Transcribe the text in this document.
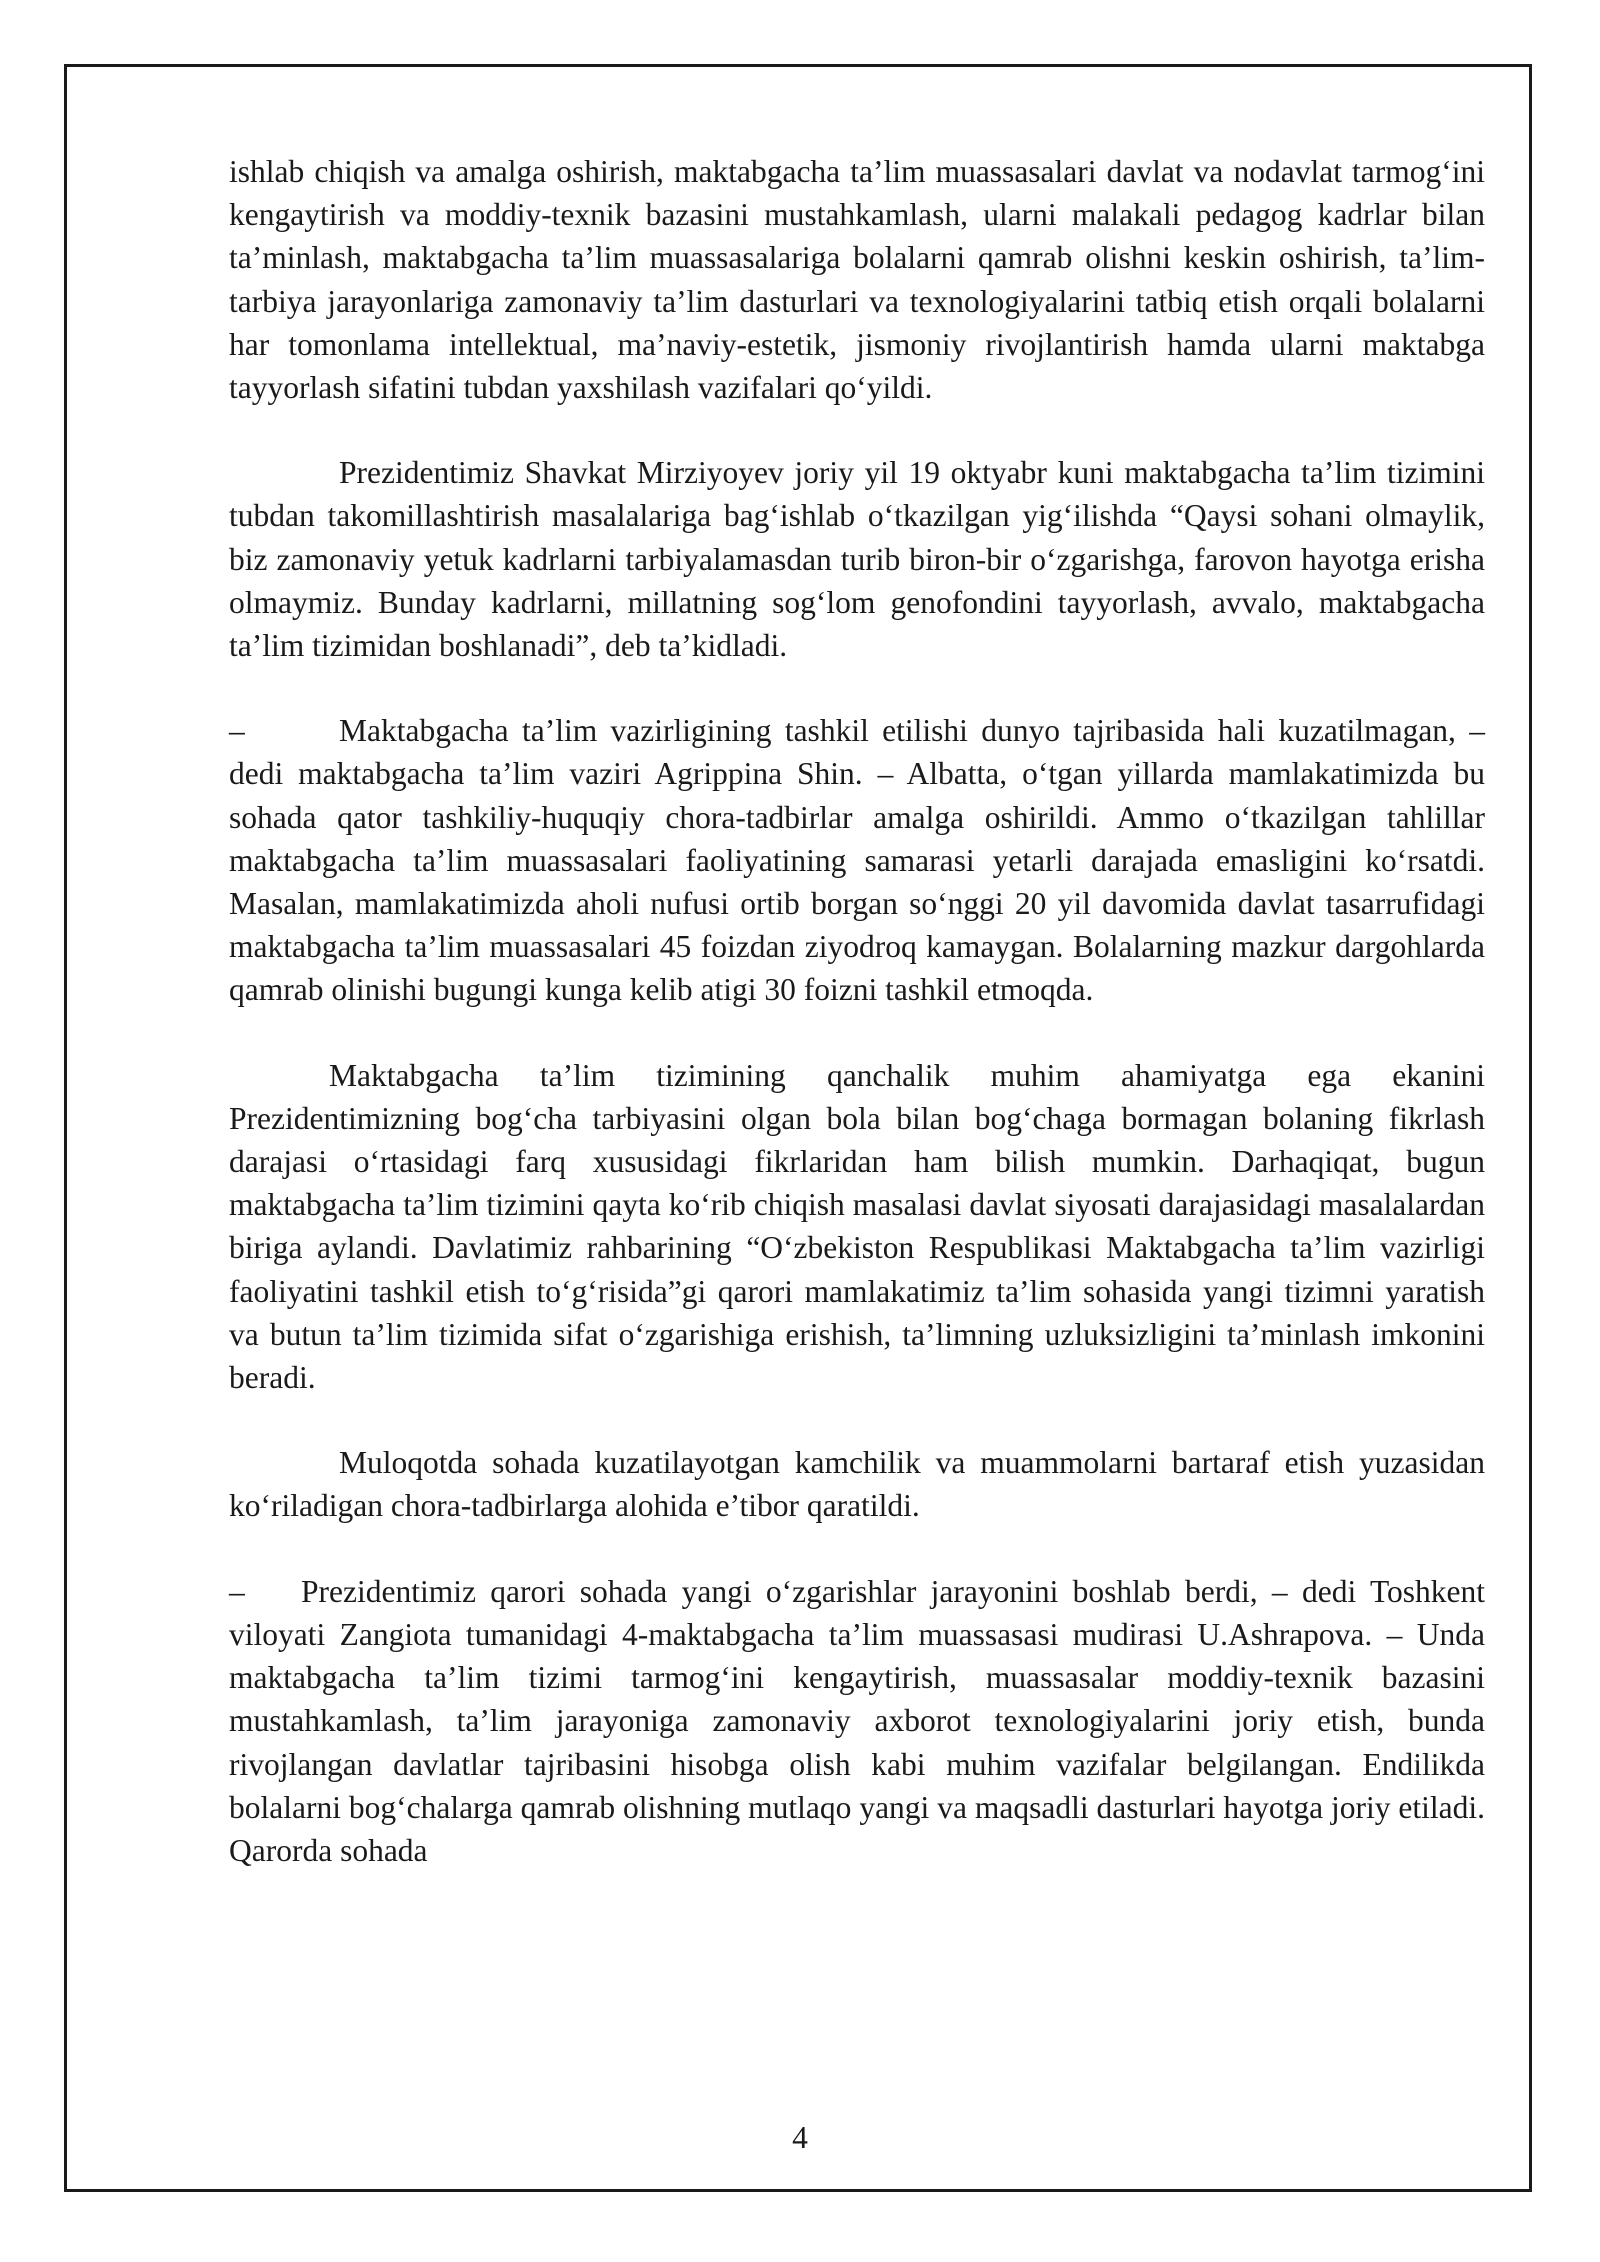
ishlab chiqish va amalga oshirish, maktabgacha ta’lim muassasalari davlat va nodavlat tarmog‘ini kengaytirish va moddiy-texnik bazasini mustahkamlash, ularni malakali pedagog kadrlar bilan ta’minlash, maktabgacha ta’lim muassasalariga bolalarni qamrab olishni keskin oshirish, ta’lim-tarbiya jarayonlariga zamonaviy ta’lim dasturlari va texnologiyalarini tatbiq etish orqali bolalarni har tomonlama intellektual, ma’naviy-estetik, jismoniy rivojlantirish hamda ularni maktabga tayyorlash sifatini tubdan yaxshilash vazifalari qo‘yildi.

Prezidentimiz Shavkat Mirziyoyev joriy yil 19 oktyabr kuni maktabgacha ta’lim tizimini tubdan takomillashtirish masalalariga bag‘ishlab o‘tkazilgan yig‘ilishda “Qaysi sohani olmaylik, biz zamonaviy yetuk kadrlarni tarbiyalamasdan turib biron-bir o‘zgarishga, farovon hayotga erisha olmaymiz. Bunday kadrlarni, millatning sog‘lom genofondini tayyorlash, avvalo, maktabgacha ta’lim tizimidan boshlanadi”, deb ta’kidladi.

–	Maktabgacha ta’lim vazirligining tashkil etilishi dunyo tajribasida hali kuzatilmagan, – dedi maktabgacha ta’lim vaziri Agrippina Shin. – Albatta, o‘tgan yillarda mamlakatimizda bu sohada qator tashkiliy-huquqiy chora-tadbirlar amalga oshirildi. Ammo o‘tkazilgan tahlillar maktabgacha ta’lim muassasalari faoliyatining samarasi yetarli darajada emasligini ko‘rsatdi. Masalan, mamlakatimizda aholi nufusi ortib borgan so‘nggi 20 yil davomida davlat tasarrufidagi maktabgacha ta’lim muassasalari 45 foizdan ziyodroq kamaygan. Bolalarning mazkur dargohlarda qamrab olinishi bugungi kunga kelib atigi 30 foizni tashkil etmoqda.

Maktabgacha ta’lim tizimining qanchalik muhim ahamiyatga ega ekanini Prezidentimizning bog‘cha tarbiyasini olgan bola bilan bog‘chaga bormagan bolaning fikrlash darajasi o‘rtasidagi farq xususidagi fikrlaridan ham bilish mumkin. Darhaqiqat, bugun maktabgacha ta’lim tizimini qayta ko‘rib chiqish masalasi davlat siyosati darajasidagi masalalardan biriga aylandi. Davlatimiz rahbarining “O‘zbekiston Respublikasi Maktabgacha ta’lim vazirligi faoliyatini tashkil etish to‘g‘risida”gi qarori mamlakatimiz ta’lim sohasida yangi tizimni yaratish va butun ta’lim tizimida sifat o‘zgarishiga erishish, ta’limning uzluksizligini ta’minlash imkonini beradi.

Muloqotda sohada kuzatilayotgan kamchilik va muammolarni bartaraf etish yuzasidan ko‘riladigan chora-tadbirlarga alohida e’tibor qaratildi.

– Prezidentimiz qarori sohada yangi o‘zgarishlar jarayonini boshlab berdi, – dedi Toshkent viloyati Zangiota tumanidagi 4-maktabgacha ta’lim muassasasi mudirasi U.Ashrapova. – Unda maktabgacha ta’lim tizimi tarmog‘ini kengaytirish, muassasalar moddiy-texnik bazasini mustahkamlash, ta’lim jarayoniga zamonaviy axborot texnologiyalarini joriy etish, bunda rivojlangan davlatlar tajribasini hisobga olish kabi muhim vazifalar belgilangan. Endilikda bolalarni bog‘chalarga qamrab olishning mutlaqo yangi va maqsadli dasturlari hayotga joriy etiladi. Qarorda sohada

4
